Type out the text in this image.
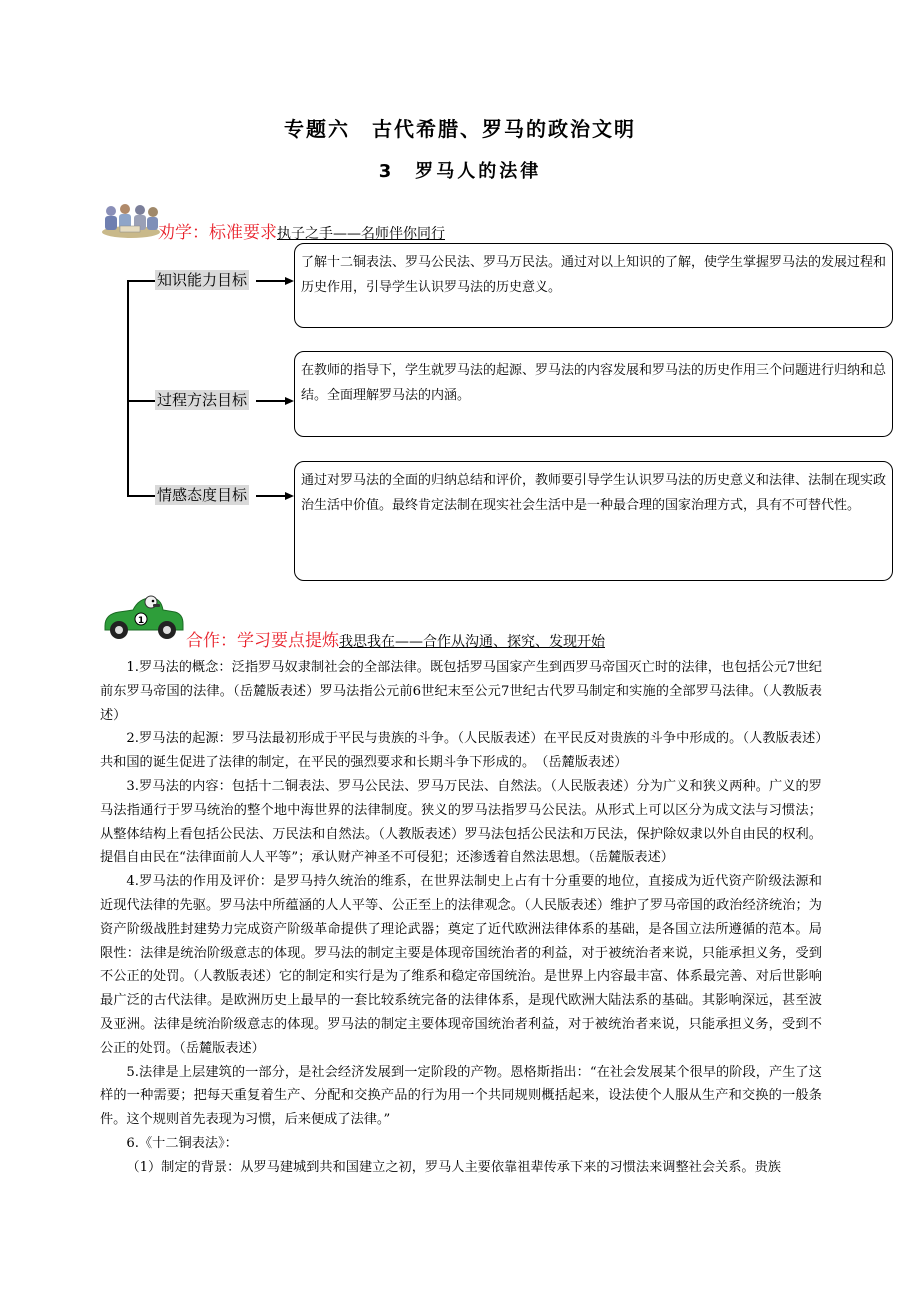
专题六　古代希腊、罗马的政治文明
3　罗马人的法律
劝学：标准要求执子之手——名师伴你同行
知识能力目标
过程方法目标
情感态度目标
了解十二铜表法、罗马公民法、罗马万民法。通过对以上知识的了解，使学生掌握罗马法的发展过程和历史作用，引导学生认识罗马法的历史意义。
在教师的指导下，学生就罗马法的起源、罗马法的内容发展和罗马法的历史作用三个问题进行归纳和总结。全面理解罗马法的内涵。
通过对罗马法的全面的归纳总结和评价，教师要引导学生认识罗马法的历史意义和法律、法制在现实政治生活中价值。最终肯定法制在现实社会生活中是一种最合理的国家治理方式，具有不可替代性。
1
合作：学习要点提炼我思我在——合作从沟通、探究、发现开始

1.罗马法的概念：泛指罗马奴隶制社会的全部法律。既包括罗马国家产生到西罗马帝国灭亡时的法律，也包括公元7世纪前东罗马帝国的法律。（岳麓版表述）罗马法指公元前6世纪末至公元7世纪古代罗马制定和实施的全部罗马法律。（人教版表述）

2.罗马法的起源：罗马法最初形成于平民与贵族的斗争。（人民版表述）在平民反对贵族的斗争中形成的。（人教版表述）共和国的诞生促进了法律的制定，在平民的强烈要求和长期斗争下形成的。　（岳麓版表述）

3.罗马法的内容：包括十二铜表法、罗马公民法、罗马万民法、自然法。（人民版表述）分为广义和狭义两种。广义的罗马法指通行于罗马统治的整个地中海世界的法律制度。狭义的罗马法指罗马公民法。从形式上可以区分为成文法与习惯法；从整体结构上看包括公民法、万民法和自然法。（人教版表述）罗马法包括公民法和万民法，保护除奴隶以外自由民的权利。提倡自由民在“法律面前人人平等”；承认财产神圣不可侵犯；还渗透着自然法思想。（岳麓版表述）

4.罗马法的作用及评价：是罗马持久统治的维系，在世界法制史上占有十分重要的地位，直接成为近代资产阶级法源和近现代法律的先驱。罗马法中所蕴涵的人人平等、公正至上的法律观念。（人民版表述）维护了罗马帝国的政治经济统治；为资产阶级战胜封建势力完成资产阶级革命提供了理论武器；奠定了近代欧洲法律体系的基础，是各国立法所遵循的范本。局限性：法律是统治阶级意志的体现。罗马法的制定主要是体现帝国统治者的利益，对于被统治者来说，只能承担义务，受到不公正的处罚。（人教版表述）它的制定和实行是为了维系和稳定帝国统治。是世界上内容最丰富、体系最完善、对后世影响最广泛的古代法律。是欧洲历史上最早的一套比较系统完备的法律体系，是现代欧洲大陆法系的基础。其影响深远，甚至波及亚洲。法律是统治阶级意志的体现。罗马法的制定主要体现帝国统治者利益，对于被统治者来说，只能承担义务，受到不公正的处罚。（岳麓版表述）

5.法律是上层建筑的一部分，是社会经济发展到一定阶段的产物。恩格斯指出：“在社会发展某个很早的阶段，产生了这样的一种需要；把每天重复着生产、分配和交换产品的行为用一个共同规则概括起来，设法使个人服从生产和交换的一般条件。这个规则首先表现为习惯，后来便成了法律。”

6.《十二铜表法》：

（1）制定的背景：从罗马建城到共和国建立之初，罗马人主要依靠祖辈传承下来的习惯法来调整社会关系。贵族
